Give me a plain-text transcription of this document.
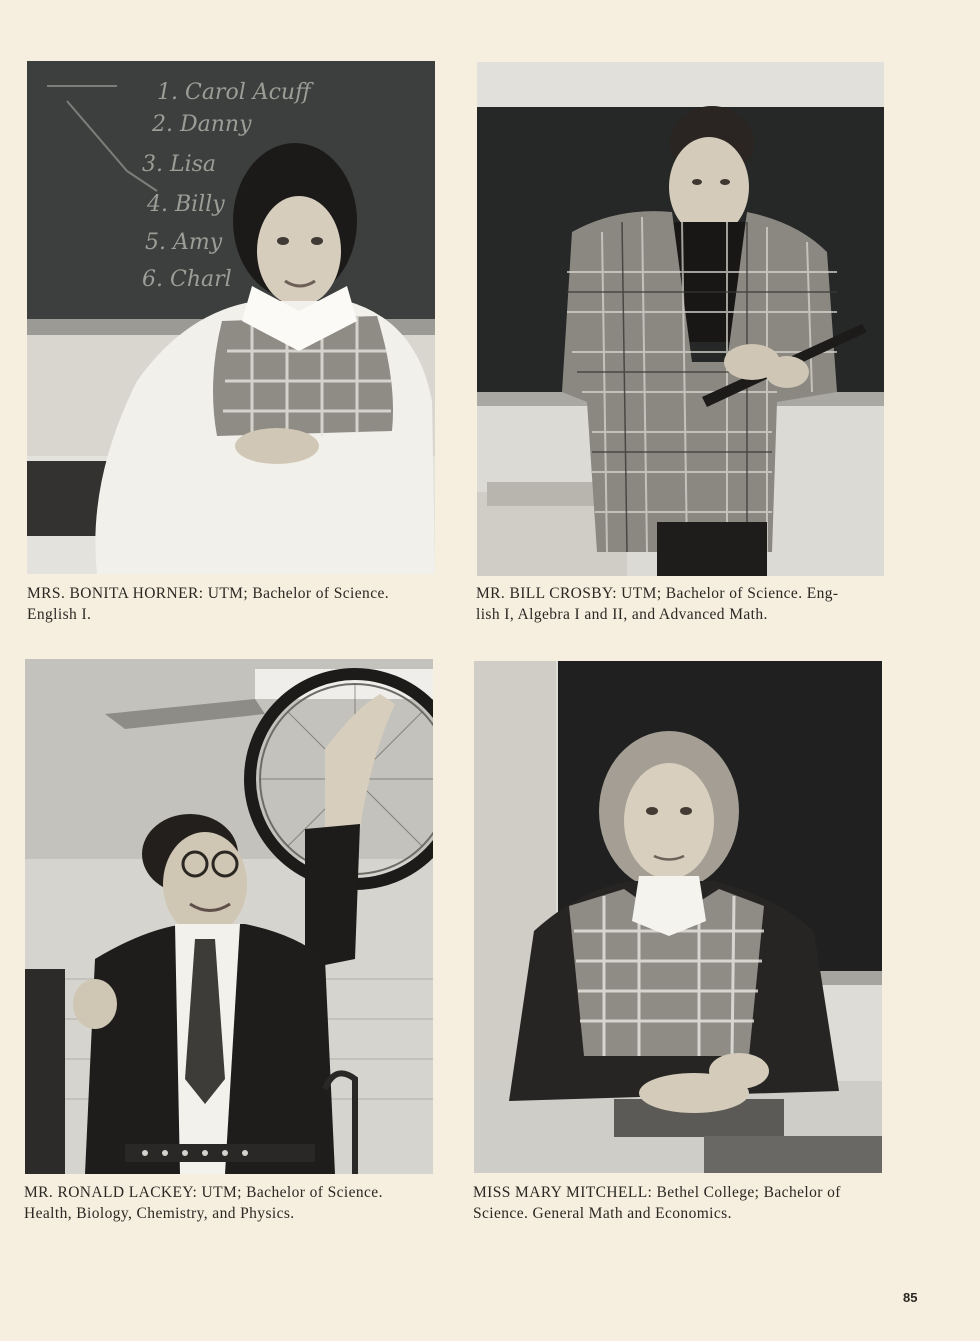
1. Carol Acuff
2. Danny
3. Lisa
4. Billy
5. Amy
6. Charl
MRS. BONITA HORNER: UTM; Bachelor of Science.
English I.
MR. BILL CROSBY: UTM; Bachelor of Science. Eng-
lish I, Algebra I and II, and Advanced Math.
MR. RONALD LACKEY: UTM; Bachelor of Science.
Health, Biology, Chemistry, and Physics.
MISS MARY MITCHELL: Bethel College; Bachelor of
Science. General Math and Economics.
85
